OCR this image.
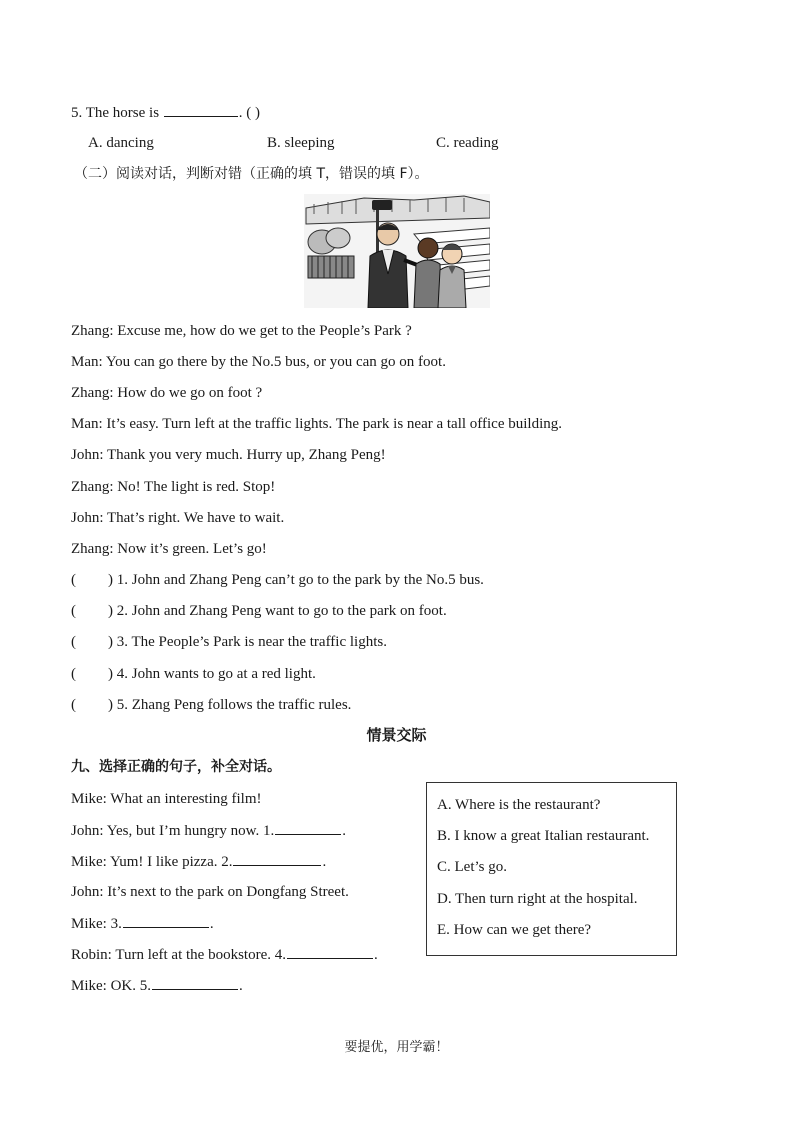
5. The horse is	. ( )
A. dancing	B. sleeping	C. reading
（二）阅读对话，判断对错（正确的填 T，错误的填 F）。
Zhang: Excuse me, how do we get to the People’s Park ?
Man: You can go there by the No.5 bus, or you can go on foot.
Zhang: How do we go on foot ?
Man: It’s easy. Turn left at the traffic lights. The park is near a tall office building.
John: Thank you very much. Hurry up, Zhang Peng!
Zhang: No! The light is red. Stop!
John: That’s right. We have to wait.
Zhang: Now it’s green. Let’s go!
( ) 1. John and Zhang Peng can’t go to the park by the No.5 bus.
( ) 2. John and Zhang Peng want to go to the park on foot.
( ) 3. The People’s Park is near the traffic lights.
( ) 4. John wants to go at a red light.
( ) 5. Zhang Peng follows the traffic rules.
情景交际
九、选择正确的句子，补全对话。
Mike: What an interesting film!
John: Yes, but I’m hungry now. 1.	.
Mike: Yum! I like pizza. 2.	.
John: It’s next to the park on Dongfang Street.
Mike: 3.	.
Robin: Turn left at the bookstore. 4.	.
Mike: OK. 5.	.
A. Where is the restaurant?
B. I know a great Italian restaurant.
C. Let’s go.
D. Then turn right at the hospital.
E. How can we get there?
要提优，用学霸！
